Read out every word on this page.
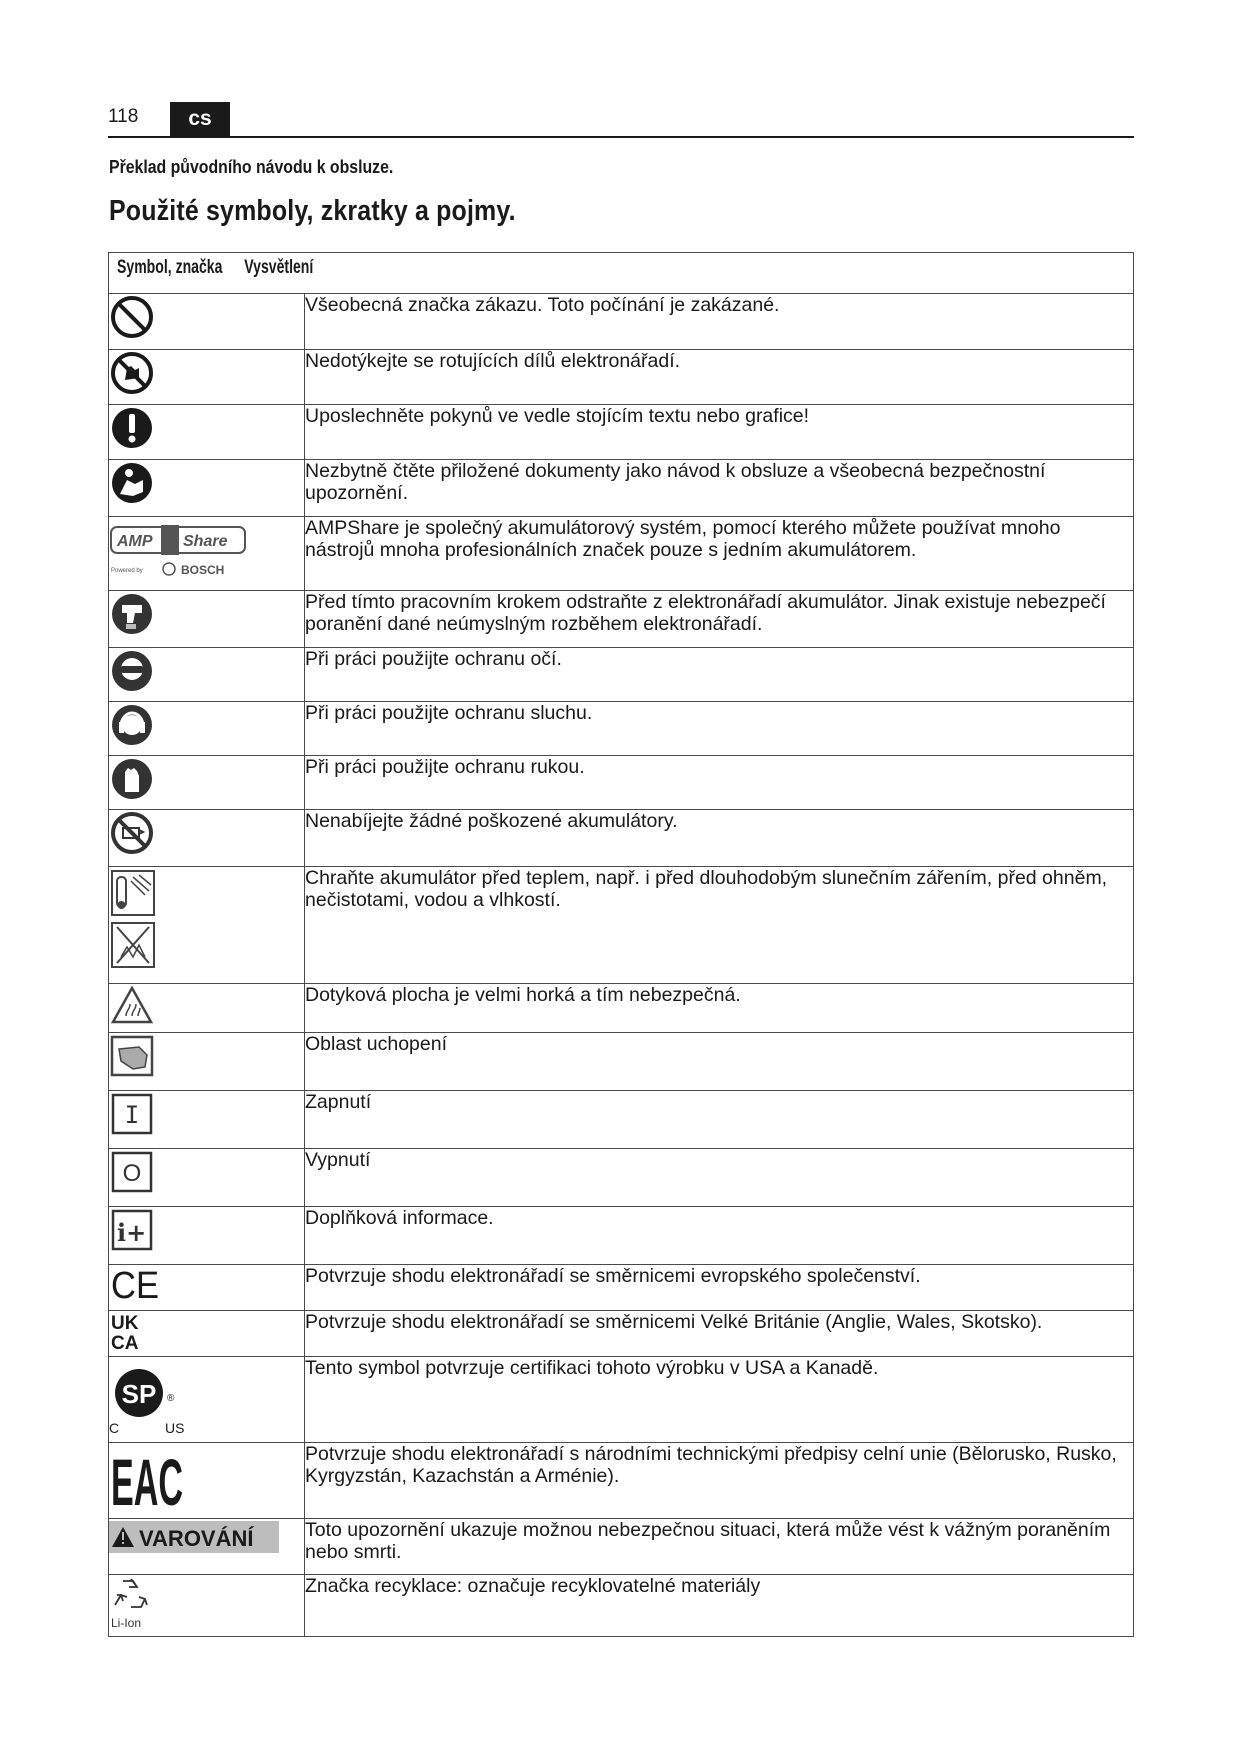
118	cs
Překlad původního návodu k obsluze.
Použité symboly, zkratky a pojmy.
Symbol, značka Vysvětlení	

	Všeobecná značka zákazu. Toto počínání je zakázané.

	Nedotýkejte se rotujících dílů elektronářadí.

	Uposlechněte pokynů ve vedle stojícím textu nebo grafice!

	Nezbytně čtěte přiložené dokumenty jako návod k obsluze a všeobecná bezpečnostní upozornění.

AMP Share
Powered by BOSCH	AMPShare je společný akumulátorový systém, pomocí kterého můžete používat mnoho nástrojů mnoha profesionálních značek pouze s jedním akumulátorem.

	Před tímto pracovním krokem odstraňte z elektronářadí akumulátor. Jinak existuje nebezpečí poranění dané neúmyslným rozběhem elektronářadí.

	Při práci použijte ochranu očí.

	Při práci použijte ochranu sluchu.

	Při práci použijte ochranu rukou.

	Nenabíjejte žádné poškozené akumulátory.

	Chraňte akumulátor před teplem, např. i před dlouhodobým slunečním zářením, před ohněm, nečistotami, vodou a vlhkostí.

	Dotyková plocha je velmi horká a tím nebezpečná.

	Oblast uchopení

I	Zapnutí

O	Vypnutí

i+	Doplňková informace.

CE	Potvrzuje shodu elektronářadí se směrnicemi evropského společenství.

UK
CA	Potvrzuje shodu elektronářadí se směrnicemi Velké Británie (Anglie, Wales, Skotsko).

SP ®
C US	Tento symbol potvrzuje certifikaci tohoto výrobku v USA a Kanadě.

EAC	Potvrzuje shodu elektronářadí s národními technickými předpisy celní unie (Bělorusko, Rusko, Kyrgyzstán, Kazachstán a Arménie).

VAROVÁNÍ	Toto upozornění ukazuje možnou nebezpečnou situaci, která může vést k vážným poraněním nebo smrti.

Li-Ion	Značka recyklace: označuje recyklovatelné materiály
